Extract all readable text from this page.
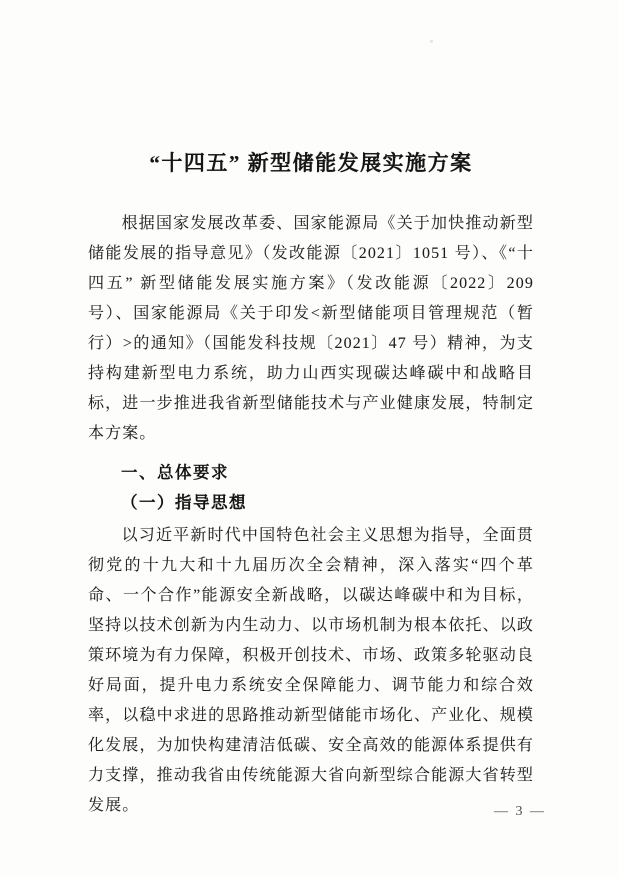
“十四五” 新型储能发展实施方案

根据国家发展改革委、国家能源局《关于加快推动新型储能发展的指导意见》（发改能源〔2021〕1051 号）、《“十四五” 新型储能发展实施方案》（发改能源〔2022〕209 号）、国家能源局《关于印发<新型储能项目管理规范（暂行）>的通知》（国能发科技规〔2021〕47 号）精神，为支持构建新型电力系统，助力山西实现碳达峰碳中和战略目标，进一步推进我省新型储能技术与产业健康发展，特制定本方案。

一、总体要求
（一）指导思想

以习近平新时代中国特色社会主义思想为指导，全面贯彻党的十九大和十九届历次全会精神，深入落实“四个革命、一个合作”能源安全新战略，以碳达峰碳中和为目标，坚持以技术创新为内生动力、以市场机制为根本依托、以政策环境为有力保障，积极开创技术、市场、政策多轮驱动良好局面，提升电力系统安全保障能力、调节能力和综合效率，以稳中求进的思路推动新型储能市场化、产业化、规模化发展，为加快构建清洁低碳、安全高效的能源体系提供有力支撑，推动我省由传统能源大省向新型综合能源大省转型发展。	— 3 —
